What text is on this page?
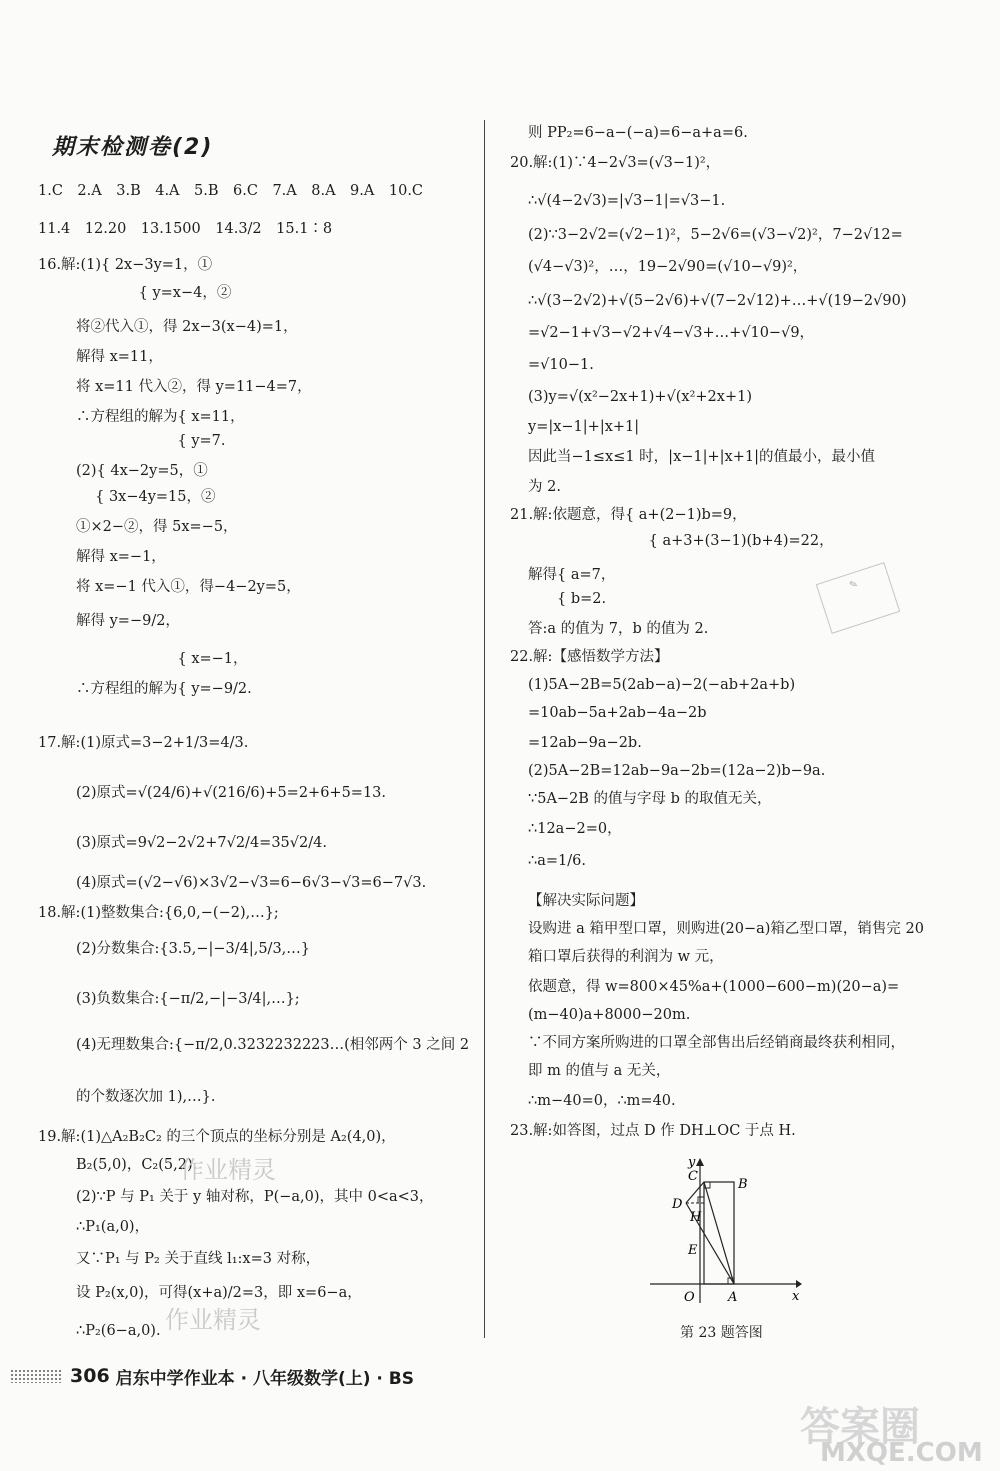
期末检测卷(2)
1.C　2.A　3.B　4.A　5.B　6.C　7.A　8.A　9.A　10.C
11.4　12.20　13.1500　14.3/2　15.1∶8
16.解:(1){ 2x−3y=1，①
　　　　 { y=x−4，②
将②代入①，得 2x−3(x−4)=1，
解得 x=11，
将 x=11 代入②，得 y=11−4=7，
∴方程组的解为{ x=11，
　　　　　　　{ y=7.
(2){ 4x−2y=5，①
　 { 3x−4y=15，②
①×2−②，得 5x=−5，
解得 x=−1，
将 x=−1 代入①，得−4−2y=5，
解得 y=−9/2，
　　　　　　　{ x=−1，
∴方程组的解为{ y=−9/2.
17.解:(1)原式=3−2+1/3=4/3.
(2)原式=√(24/6)+√(216/6)+5=2+6+5=13.
(3)原式=9√2−2√2+7√2/4=35√2/4.
(4)原式=(√2−√6)×3√2−√3=6−6√3−√3=6−7√3.
18.解:(1)整数集合:{6,0,−(−2),…};
(2)分数集合:{3.5,−|−3/4|,5/3,…}
(3)负数集合:{−π/2,−|−3/4|,…};
(4)无理数集合:{−π/2,0.3232232223…(相邻两个 3 之间 2
的个数逐次加 1),…}.
19.解:(1)△A₂B₂C₂ 的三个顶点的坐标分别是 A₂(4,0)，
B₂(5,0)，C₂(5,2).
(2)∵P 与 P₁ 关于 y 轴对称，P(−a,0)，其中 0<a<3，
∴P₁(a,0)，
又∵P₁ 与 P₂ 关于直线 l₁:x=3 对称，
设 P₂(x,0)，可得(x+a)/2=3，即 x=6−a，
∴P₂(6−a,0).
则 PP₂=6−a−(−a)=6−a+a=6.
20.解:(1)∵4−2√3=(√3−1)²，
∴√(4−2√3)=|√3−1|=√3−1.
(2)∵3−2√2=(√2−1)²，5−2√6=(√3−√2)²，7−2√12=
(√4−√3)²，…，19−2√90=(√10−√9)²，
∴√(3−2√2)+√(5−2√6)+√(7−2√12)+…+√(19−2√90)
=√2−1+√3−√2+√4−√3+…+√10−√9，
=√10−1.
(3)y=√(x²−2x+1)+√(x²+2x+1)
y=|x−1|+|x+1|
因此当−1≤x≤1 时，|x−1|+|x+1|的值最小，最小值
为 2.
21.解:依题意，得{ a+(2−1)b=9，
　　　　　　　　 { a+3+(3−1)(b+4)=22，
解得{ a=7，
　　{ b=2.
答:a 的值为 7，b 的值为 2.
22.解:【感悟数学方法】
(1)5A−2B=5(2ab−a)−2(−ab+2a+b)
=10ab−5a+2ab−4a−2b
=12ab−9a−2b.
(2)5A−2B=12ab−9a−2b=(12a−2)b−9a.
∵5A−2B 的值与字母 b 的取值无关，
∴12a−2=0，
∴a=1/6.
【解决实际问题】
设购进 a 箱甲型口罩，则购进(20−a)箱乙型口罩，销售完 20
箱口罩后获得的利润为 w 元，
依题意，得 w=800×45%a+(1000−600−m)(20−a)=
(m−40)a+8000−20m.
∵不同方案所购进的口罩全部售出后经销商最终获利相同，
即 m 的值与 a 无关，
∴m−40=0，∴m=40.
23.解:如答图，过点 D 作 DH⊥OC 于点 H.
y
x
O	A
B
C
D
H
E
第 23 题答图
✎
作业精灵
作业精灵
答案圈
MXQE.COM
306 启东中学作业本 · 八年级数学(上) · BS
